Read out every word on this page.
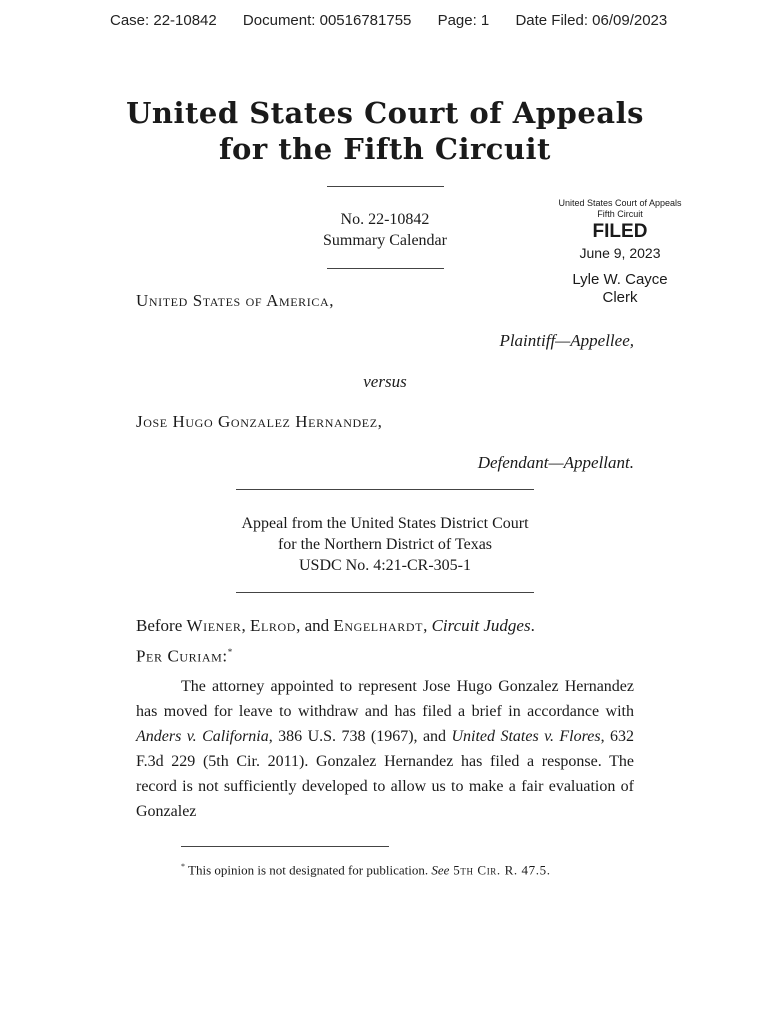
Case: 22-10842 Document: 00516781755 Page: 1 Date Filed: 06/09/2023
United States Court of Appeals
for the Fifth Circuit
No. 22-10842
Summary Calendar
United States Court of Appeals
Fifth Circuit
FILED
June 9, 2023
Lyle W. Cayce
Clerk
United States of America,
Plaintiff—Appellee,
versus
Jose Hugo Gonzalez Hernandez,
Defendant—Appellant.
Appeal from the United States District Court
for the Northern District of Texas
USDC No. 4:21-CR-305-1
Before Wiener, Elrod, and Engelhardt, Circuit Judges.
Per Curiam:*
The attorney appointed to represent Jose Hugo Gonzalez Hernandez has moved for leave to withdraw and has filed a brief in accordance with Anders v. California, 386 U.S. 738 (1967), and United States v. Flores, 632 F.3d 229 (5th Cir. 2011). Gonzalez Hernandez has filed a response. The record is not sufficiently developed to allow us to make a fair evaluation of Gonzalez
* This opinion is not designated for publication. See 5th Cir. R. 47.5.
